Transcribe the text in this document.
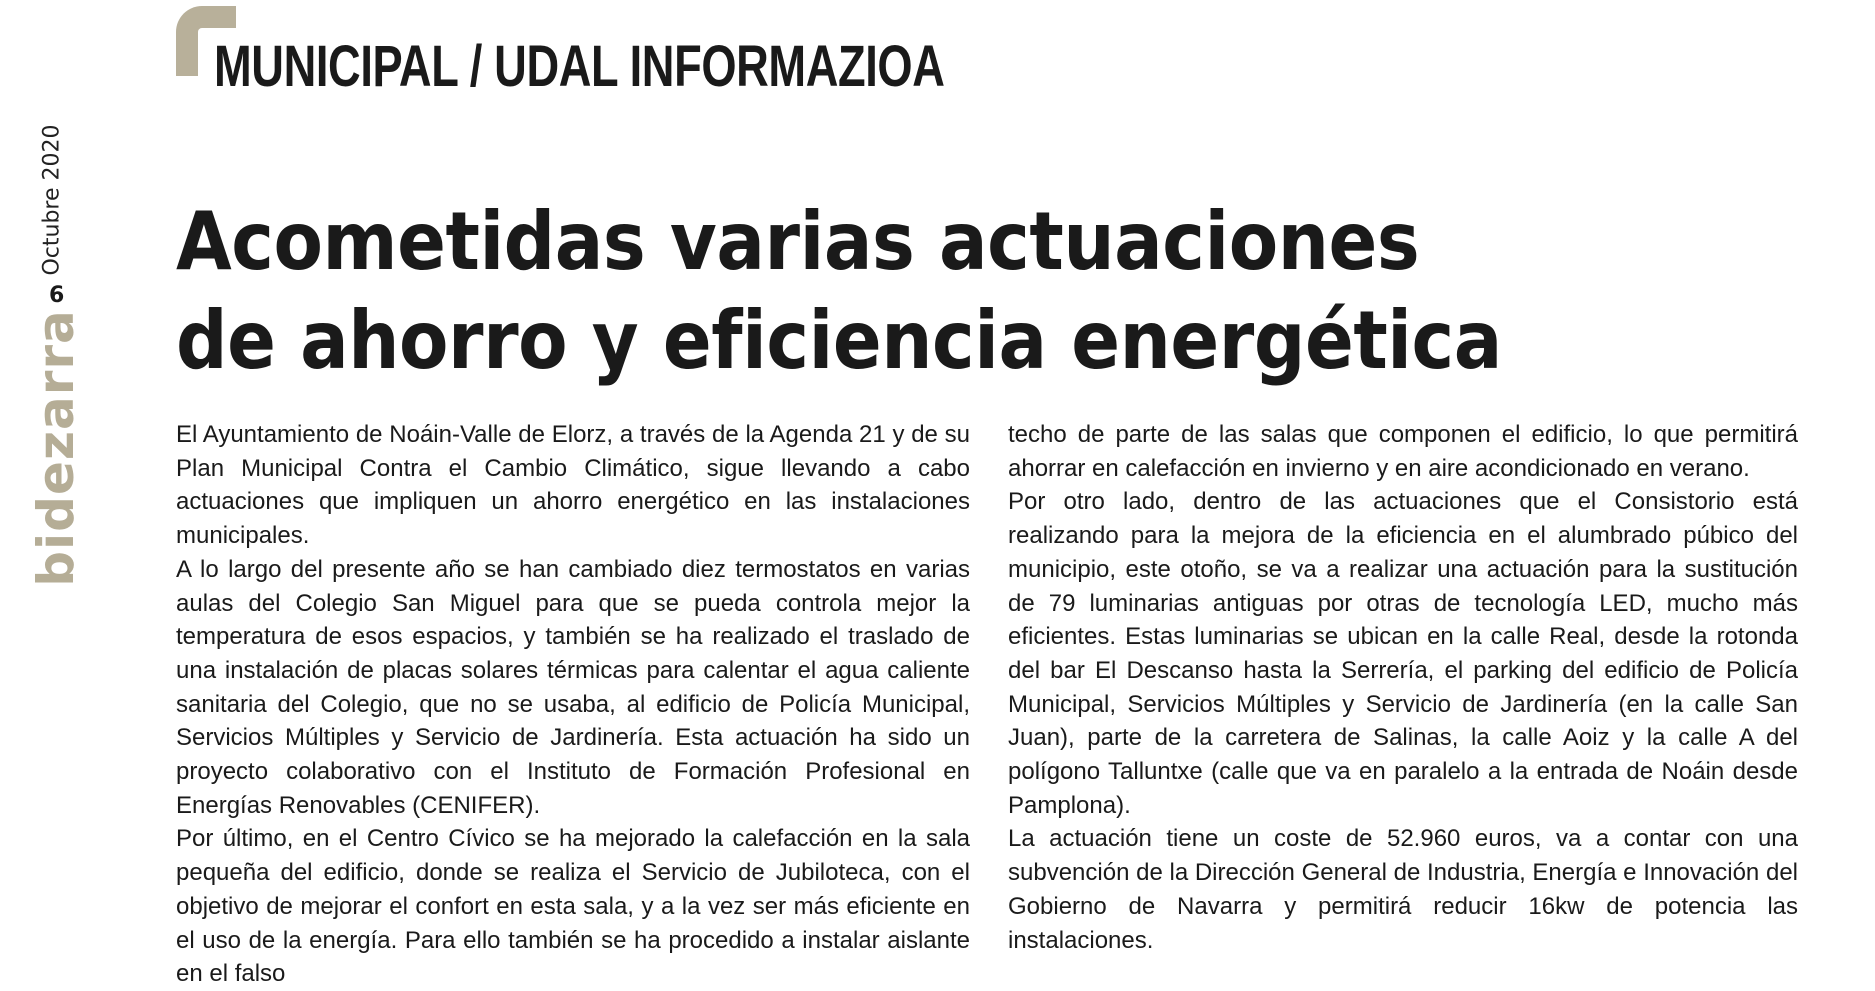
Octubre 2020
6
bidezarra
MUNICIPAL / UDAL INFORMAZIOA
Acometidas varias actuaciones
de ahorro y eficiencia energética

El Ayuntamiento de Noáin-Valle de Elorz, a través de la Agenda 21 y de su Plan Municipal Contra el Cambio Climático, sigue llevando a cabo actuaciones que impliquen un ahorro energético en las instalaciones municipales.

A lo largo del presente año se han cambiado diez termostatos en varias aulas del Colegio San Miguel para que se pueda controla mejor la temperatura de esos espacios, y también se ha realizado el traslado de una instalación de placas solares térmicas para calentar el agua caliente sanitaria del Colegio, que no se usaba, al edificio de Policía Municipal, Servicios Múltiples y Servicio de Jardinería. Esta actuación ha sido un proyecto colaborativo con el Instituto de Formación Profesional en Energías Renovables (CENIFER).

Por último, en el Centro Cívico se ha mejorado la calefacción en la sala pequeña del edificio, donde se realiza el Servicio de Jubiloteca, con el objetivo de mejorar el confort en esta sala, y a la vez ser más eficiente en el uso de la energía. Para ello también se ha procedido a instalar aislante en el falso

techo de parte de las salas que componen el edificio, lo que permitirá ahorrar en calefacción en invierno y en aire acondicionado en verano.

Por otro lado, dentro de las actuaciones que el Consistorio está realizando para la mejora de la eficiencia en el alumbrado púbico del municipio, este otoño, se va a realizar una actuación para la sustitución de 79 luminarias antiguas por otras de tecnología LED, mucho más eficientes. Estas luminarias se ubican en la calle Real, desde la rotonda del bar El Descanso hasta la Serrería, el parking del edificio de Policía Municipal, Servicios Múltiples y Servicio de Jardinería (en la calle San Juan), parte de la carretera de Salinas, la calle Aoiz y la calle A del polígono Talluntxe (calle que va en paralelo a la entrada de Noáin desde Pamplona).

La actuación tiene un coste de 52.960 euros, va a contar con una subvención de la Dirección General de Industria, Energía e Innovación del Gobierno de Navarra y permitirá reducir 16kw de potencia las instalaciones.
